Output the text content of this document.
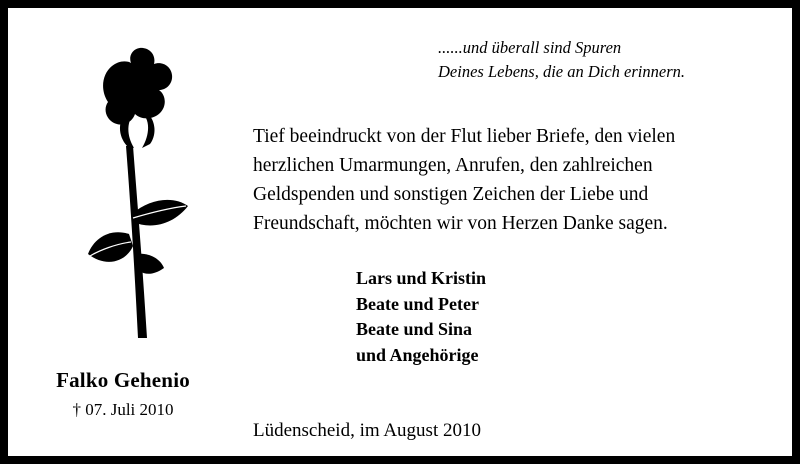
......und überall sind Spuren
Deines Lebens, die an Dich erinnern.
Tief beeindruckt von der Flut lieber Briefe, den vielen
herzlichen Umarmungen, Anrufen, den zahlreichen
Geldspenden und sonstigen Zeichen der Liebe und
Freundschaft, möchten wir von Herzen Danke sagen.
Lars und Kristin
Beate und Peter
Beate und Sina
und Angehörige
Falko Gehenio
† 07. Juli 2010
Lüdenscheid, im August 2010
